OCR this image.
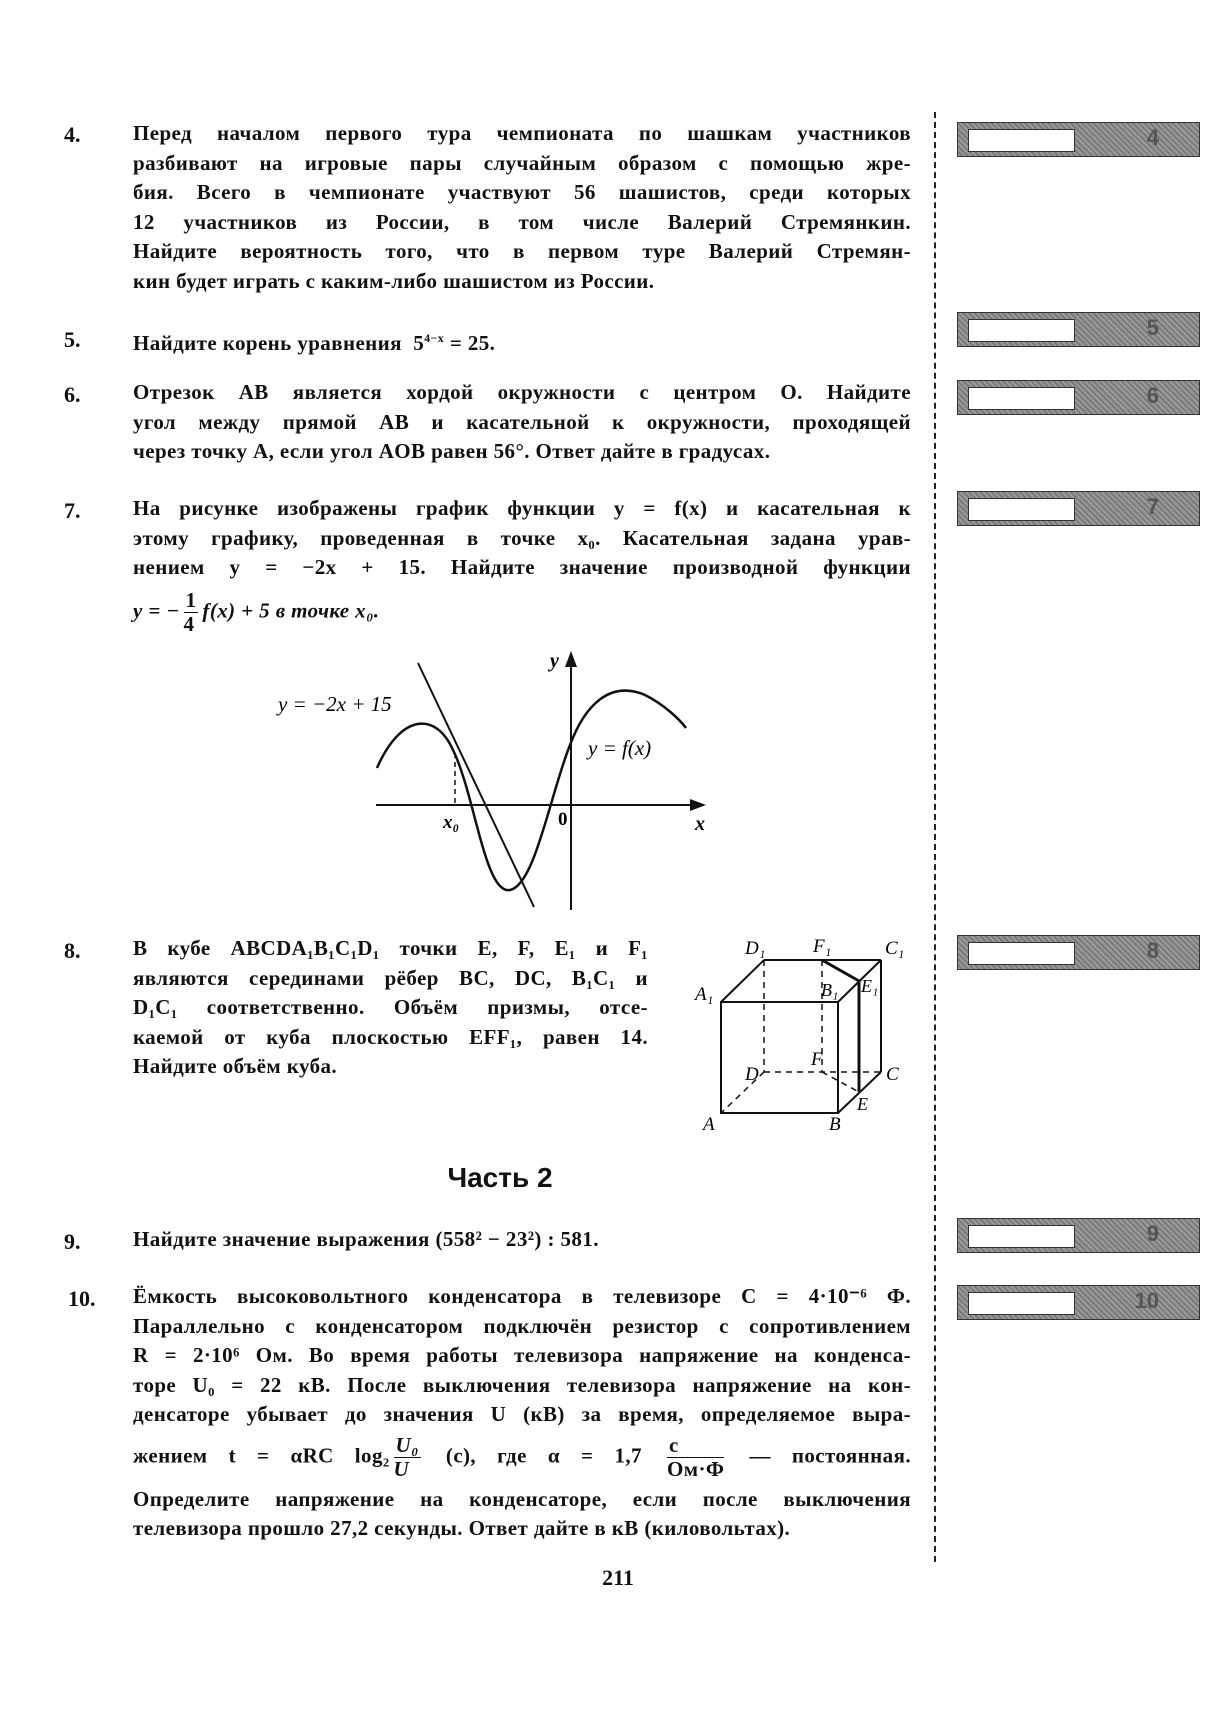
4.	Перед началом первого тура чемпионата по шашкам участников
разбивают на игровые пары случайным образом с помощью жре-
бия. Всего в чемпионате участвуют 56 шашистов, среди которых
12 участников из России, в том числе Валерий Стремянкин.
Найдите вероятность того, что в первом туре Валерий Стремян-
кин будет играть с каким-либо шашистом из России.
4
5.	Найдите корень уравнения $5^{4-x} = 25$.
5
6.	Отрезок AB является хордой окружности с центром O. Найдите
угол между прямой AB и касательной к окружности, проходящей
через точку A, если угол AOB равен 56°. Ответ дайте в градусах.
6
7.	На рисунке изображены график функции y = f(x) и касательная к
этому графику, проведенная в точке x₀. Касательная задана урав-
нением y = −2x + 15. Найдите значение производной функции
y = − $\frac{1}{4} f(x) + 5$ в точке x₀.
7
y = −2x + 15
y = f(x)
x
y
0
x₀
8.	В кубе ABCDA₁B₁C₁D₁ точки E, F, E₁ и F₁
являются серединами рёбер BC, DC, B₁C₁ и
D₁C₁ соответственно. Объём призмы, отсе-
каемой от куба плоскостью EFF₁, равен 14.
Найдите объём куба.
8
D₁	F₁	C₁
A₁	B₁ E₁
D
F
C
E
A	B
Часть 2
9.	Найдите значение выражения (558² − 23²) : 581.	9
10.	Ёмкость высоковольтного конденсатора в телевизоре C = 4·10⁻⁶ Ф.
Параллельно с конденсатором подключён резистор с сопротивлением
R = 2·10⁶ Ом. Во время работы телевизора напряжение на конденса-
торе U₀ = 22 кВ. После выключения телевизора напряжение на кон-
денсаторе убывает до значения U (кВ) за время, определяемое выра-
жением t = αRC $\log_2 \frac{\text{U₀}}{U} (с)$, где $\alpha = 1,7 \frac{с}{Ом\cdot Ф}$ — постоянная.
Определите напряжение на конденсаторе, если после выключения
телевизора прошло 27,2 секунды. Ответ дайте в кВ (киловольтах).
10
211
